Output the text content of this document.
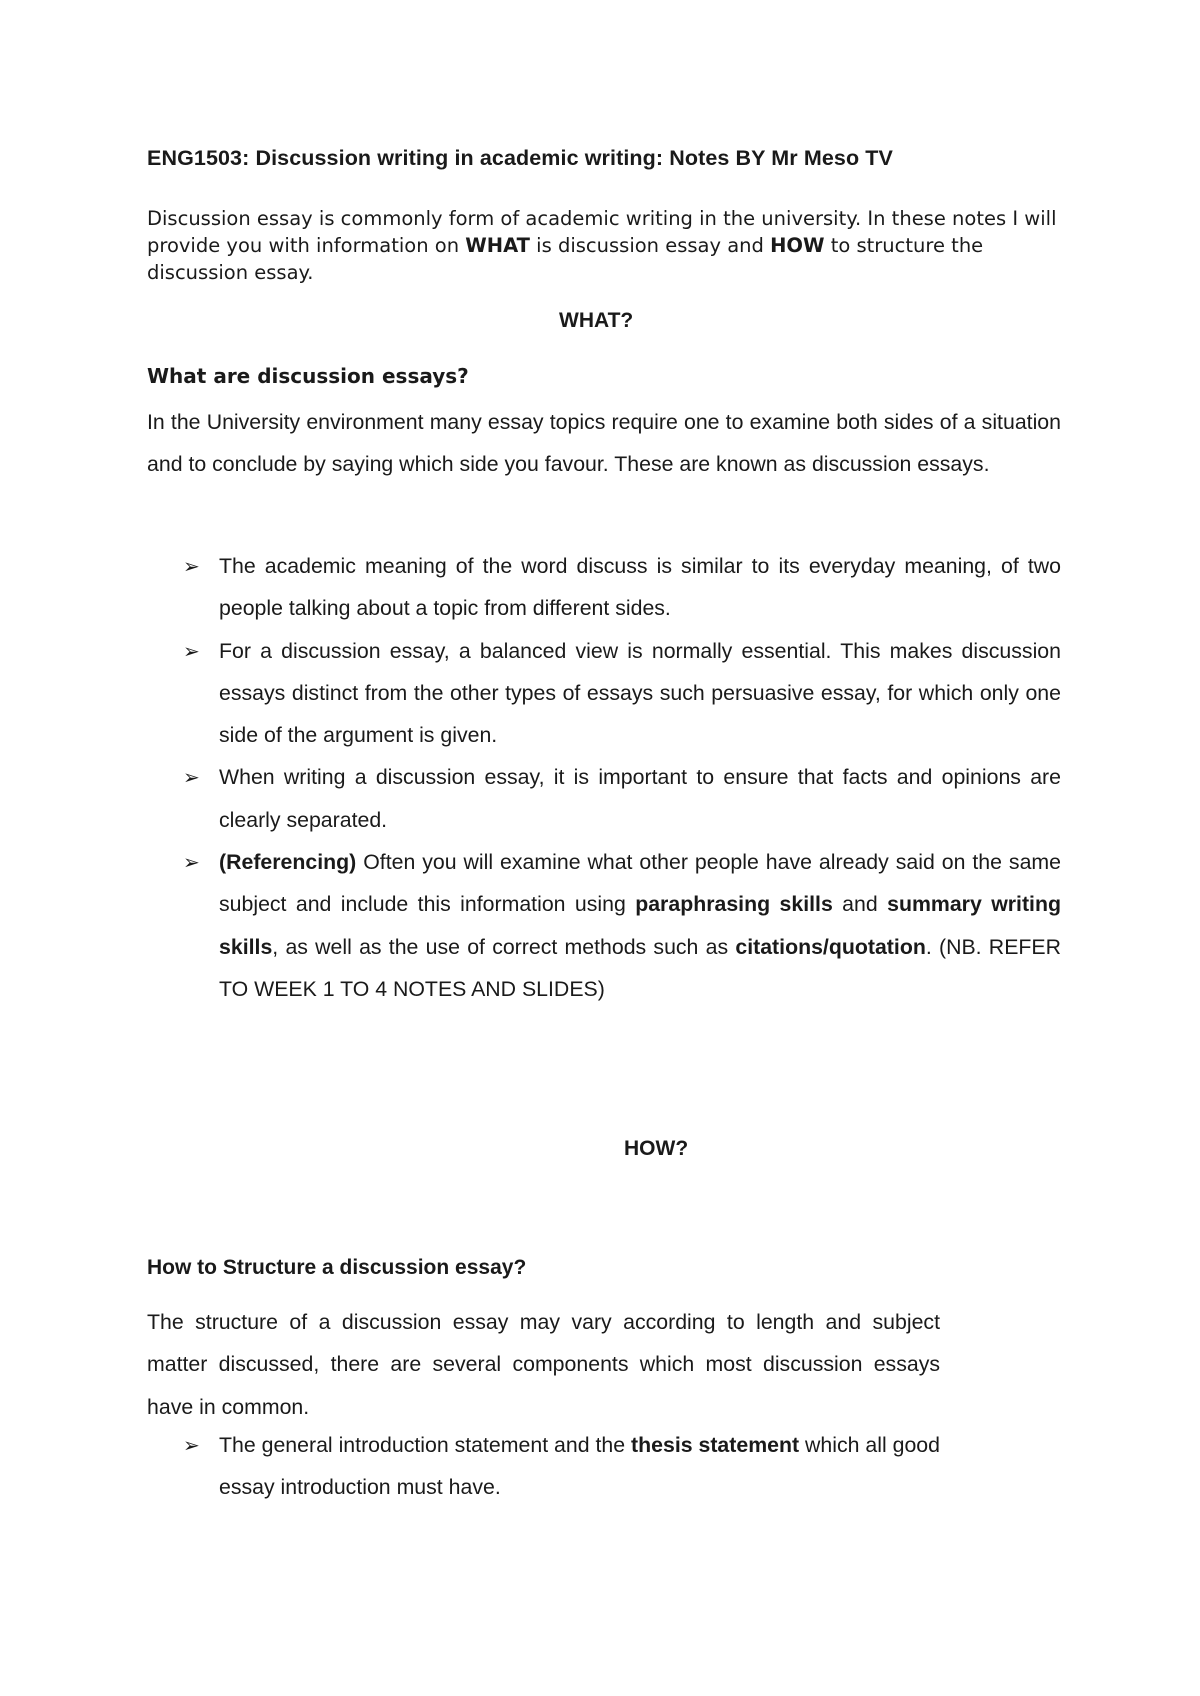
ENG1503: Discussion writing in academic writing: Notes BY Mr Meso TV

Discussion essay is commonly form of academic writing in the university. In these notes I will provide you with information on WHAT is discussion essay and HOW to structure the discussion essay.

WHAT?
What are discussion essays?

In the University environment many essay topics require one to examine both sides of a situation and to conclude by saying which side you favour. These are known as discussion essays.

➢ The academic meaning of the word discuss is similar to its everyday meaning, of two people talking about a topic from different sides.
➢ For a discussion essay, a balanced view is normally essential. This makes discussion essays distinct from the other types of essays such persuasive essay, for which only one side of the argument is given.
➢ When writing a discussion essay, it is important to ensure that facts and opinions are clearly separated.
➢ (Referencing) Often you will examine what other people have already said on the same subject and include this information using paraphrasing skills and summary writing skills, as well as the use of correct methods such as citations/quotation. (NB. REFER TO WEEK 1 TO 4 NOTES AND SLIDES)
HOW?
How to Structure a discussion essay?

The structure of a discussion essay may vary according to length and subject matter discussed, there are several components which most discussion essays have in common.

➢ The general introduction statement and the thesis statement which all good essay introduction must have.
